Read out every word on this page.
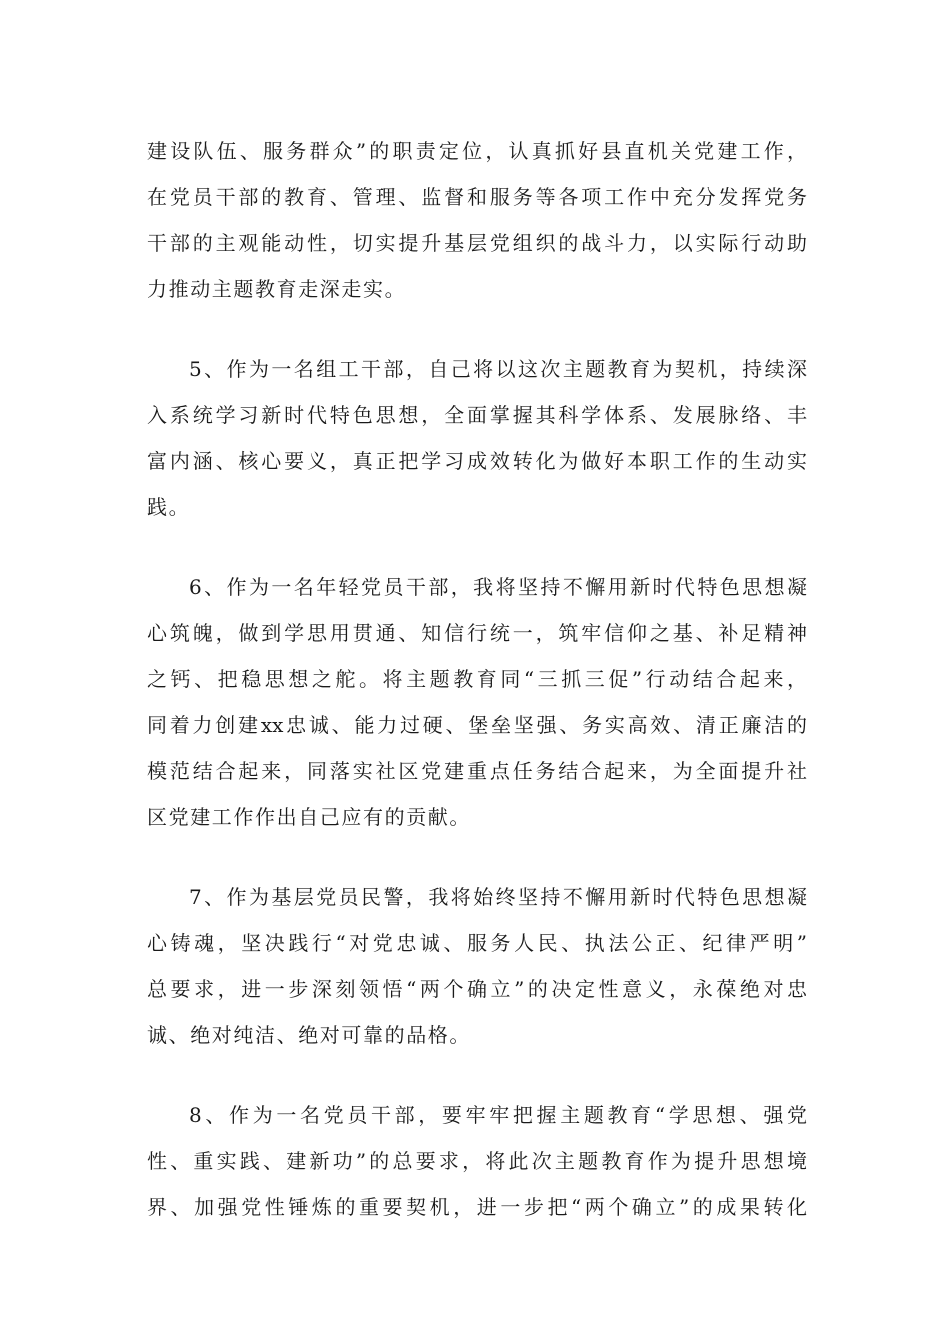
建设队伍、服务群众”的职责定位，认真抓好县直机关党建工作，
在党员干部的教育、管理、监督和服务等各项工作中充分发挥党务
干部的主观能动性，切实提升基层党组织的战斗力，以实际行动助
力推动主题教育走深走实。
5、作为一名组工干部，自己将以这次主题教育为契机，持续深
入系统学习新时代特色思想，全面掌握其科学体系、发展脉络、丰
富内涵、核心要义，真正把学习成效转化为做好本职工作的生动实
践。
6、作为一名年轻党员干部，我将坚持不懈用新时代特色思想凝
心筑魄，做到学思用贯通、知信行统一，筑牢信仰之基、补足精神
之钙、把稳思想之舵。将主题教育同“三抓三促”行动结合起来，
同着力创建xx忠诚、能力过硬、堡垒坚强、务实高效、清正廉洁的
模范结合起来，同落实社区党建重点任务结合起来，为全面提升社
区党建工作作出自己应有的贡献。
7、作为基层党员民警，我将始终坚持不懈用新时代特色思想凝
心铸魂，坚决践行“对党忠诚、服务人民、执法公正、纪律严明”
总要求，进一步深刻领悟“两个确立”的决定性意义，永葆绝对忠
诚、绝对纯洁、绝对可靠的品格。
8、作为一名党员干部，要牢牢把握主题教育“学思想、强党
性、重实践、建新功”的总要求，将此次主题教育作为提升思想境
界、加强党性锤炼的重要契机，进一步把“两个确立”的成果转化
